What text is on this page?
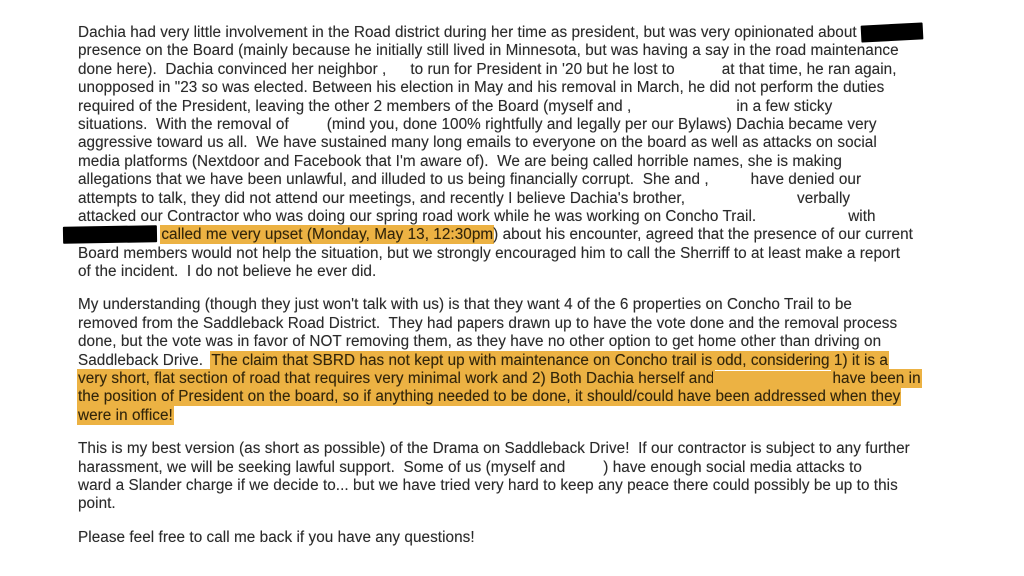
Dachia had very little involvement in the Road district during her time as president, but was very opinionated about
presence on the Board (mainly because he initially still lived in Minnesota, but was having a say in the road maintenance
done here).  Dachia convinced her neighbor , to run for President in '20 but he lost to	at that time, he ran again,
unopposed in "23 so was elected. Between his election in May and his removal in March, he did not perform the duties
required of the President, leaving the other 2 members of the Board (myself and ,	in a few sticky
situations.  With the removal of (mind you, done 100% rightfully and legally per our Bylaws) Dachia became very
aggressive toward us all.  We have sustained many long emails to everyone on the board as well as attacks on social
media platforms (Nextdoor and Facebook that I'm aware of).  We are being called horrible names, she is making
allegations that we have been unlawful, and illuded to us being financially corrupt.  She and ,	have denied our
attempts to talk, they did not attend our meetings, and recently I believe Dachia's brother,	verbally
attacked our Contractor who was doing our spring road work while he was working on Concho Trail.	with
called me very upset (Monday, May 13, 12:30pm) about his encounter, agreed that the presence of our current
Board members would not help the situation, but we strongly encouraged him to call the Sherriff to at least make a report
of the incident.  I do not believe he ever did.
My understanding (though they just won't talk with us) is that they want 4 of the 6 properties on Concho Trail to be
removed from the Saddleback Road District.  They had papers drawn up to have the vote done and the removal process
done, but the vote was in favor of NOT removing them, as they have no other option to get home other than driving on
Saddleback Drive.  The claim that SBRD has not kept up with maintenance on Concho trail is odd, considering 1) it is a
very short, flat section of road that requires very minimal work and 2) Both Dachia herself and	have been in
the position of President on the board, so if anything needed to be done, it should/could have been addressed when they
were in office!
This is my best version (as short as possible) of the Drama on Saddleback Drive!  If our contractor is subject to any further
harassment, we will be seeking lawful support.  Some of us (myself and ) have enough social media attacks to
ward a Slander charge if we decide to... but we have tried very hard to keep any peace there could possibly be up to this
point.
Please feel free to call me back if you have any questions!
